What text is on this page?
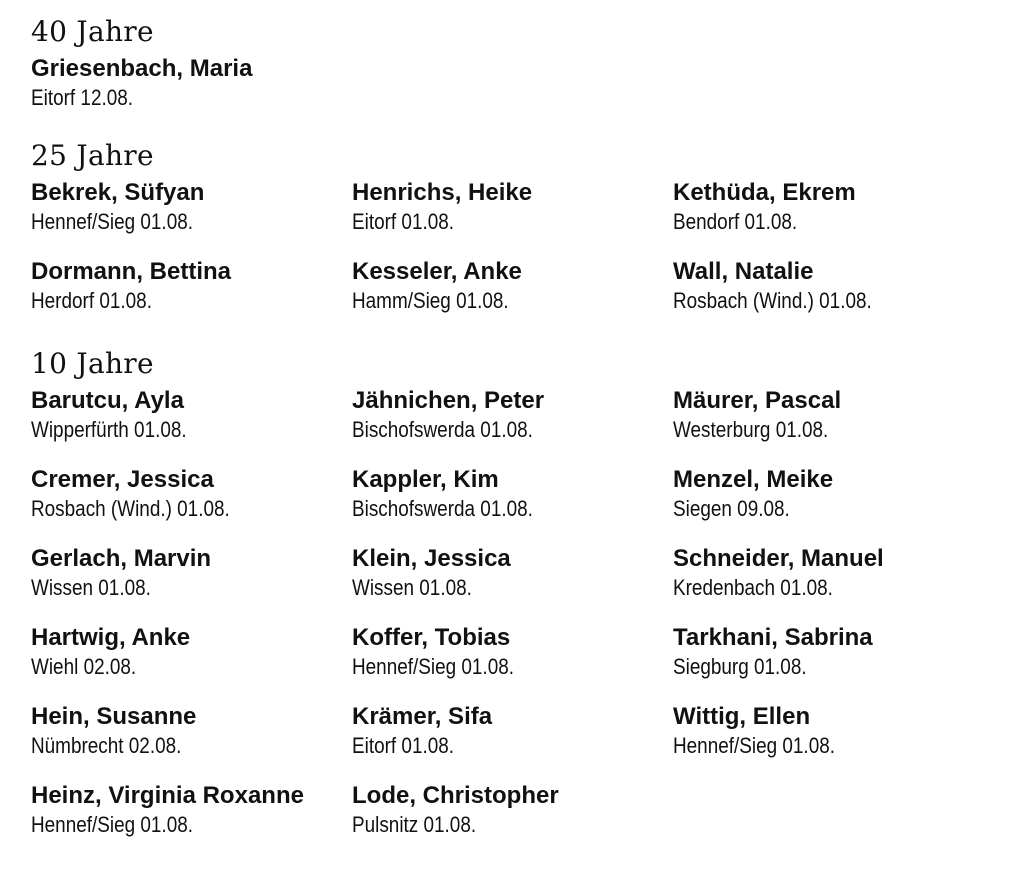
40 Jahre
Griesenbach, Maria
Eitorf 12.08.
25 Jahre
Bekrek, Süfyan
Hennef/Sieg 01.08.
Henrichs, Heike
Eitorf 01.08.
Kethüda, Ekrem
Bendorf 01.08.
Dormann, Bettina
Herdorf 01.08.
Kesseler, Anke
Hamm/Sieg 01.08.
Wall, Natalie
Rosbach (Wind.) 01.08.
10 Jahre
Barutcu, Ayla
Wipperfürth 01.08.
Jähnichen, Peter
Bischofswerda 01.08.
Mäurer, Pascal
Westerburg 01.08.
Cremer, Jessica
Rosbach (Wind.) 01.08.
Kappler, Kim
Bischofswerda 01.08.
Menzel, Meike
Siegen 09.08.
Gerlach, Marvin
Wissen 01.08.
Klein, Jessica
Wissen 01.08.
Schneider, Manuel
Kredenbach 01.08.
Hartwig, Anke
Wiehl 02.08.
Koffer, Tobias
Hennef/Sieg 01.08.
Tarkhani, Sabrina
Siegburg 01.08.
Hein, Susanne
Nümbrecht 02.08.
Krämer, Sifa
Eitorf 01.08.
Wittig, Ellen
Hennef/Sieg 01.08.
Heinz, Virginia Roxanne
Hennef/Sieg 01.08.
Lode, Christopher
Pulsnitz 01.08.
